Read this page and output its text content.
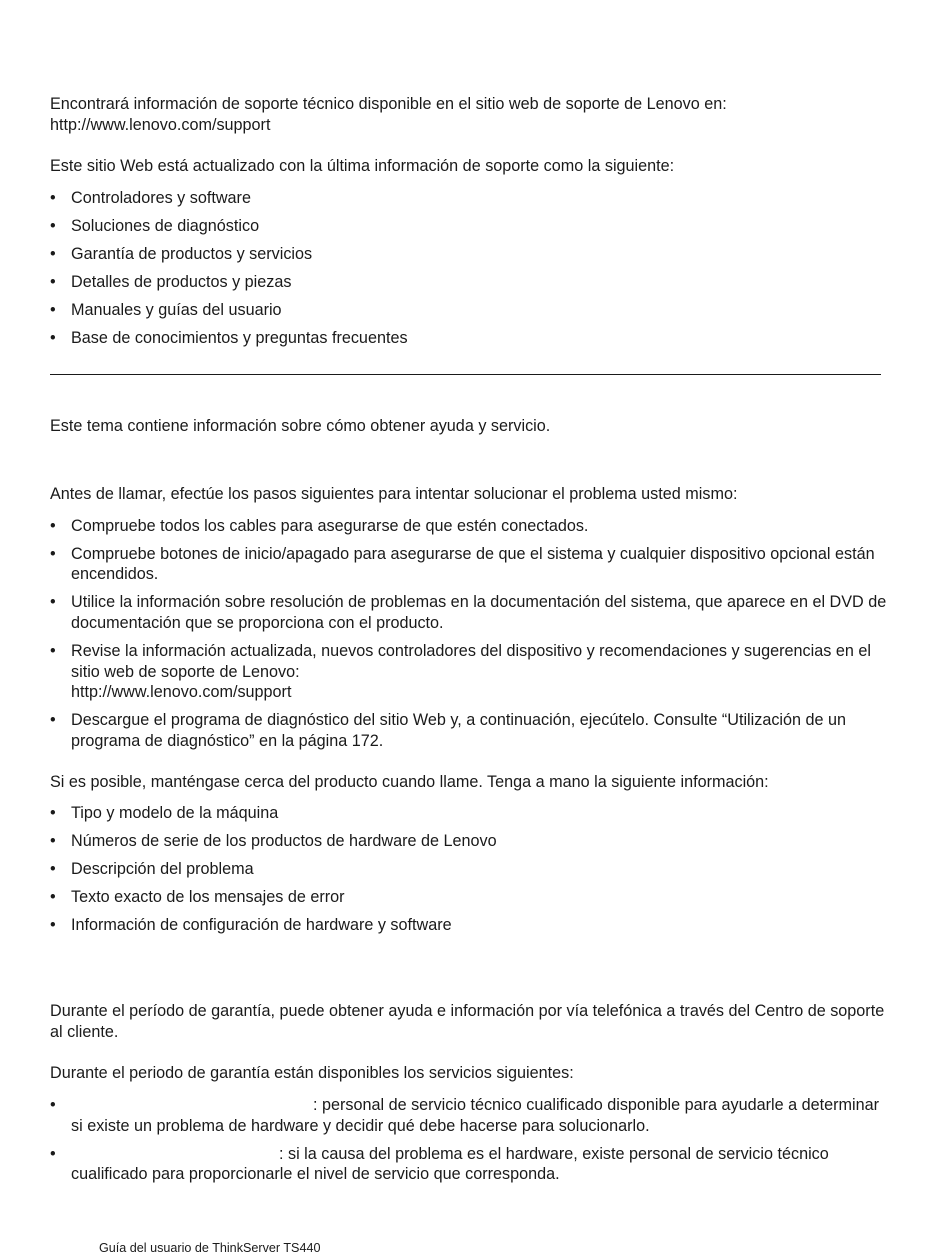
Encontrará información de soporte técnico disponible en el sitio web de soporte de Lenovo en:
http://www.lenovo.com/support

Este sitio Web está actualizado con la última información de soporte como la siguiente:

• Controladores y software
• Soluciones de diagnóstico
• Garantía de productos y servicios
• Detalles de productos y piezas
• Manuales y guías del usuario
• Base de conocimientos y preguntas frecuentes

Este tema contiene información sobre cómo obtener ayuda y servicio.

Antes de llamar, efectúe los pasos siguientes para intentar solucionar el problema usted mismo:

• Compruebe todos los cables para asegurarse de que estén conectados.
• Compruebe botones de inicio/apagado para asegurarse de que el sistema y cualquier dispositivo opcional están encendidos.
• Utilice la información sobre resolución de problemas en la documentación del sistema, que aparece en el DVD de documentación que se proporciona con el producto.
• Revise la información actualizada, nuevos controladores del dispositivo y recomendaciones y sugerencias en el sitio web de soporte de Lenovo:
http://www.lenovo.com/support
• Descargue el programa de diagnóstico del sitio Web y, a continuación, ejecútelo. Consulte “Utilización de un programa de diagnóstico” en la página 172.

Si es posible, manténgase cerca del producto cuando llame. Tenga a mano la siguiente información:

• Tipo y modelo de la máquina
• Números de serie de los productos de hardware de Lenovo
• Descripción del problema
• Texto exacto de los mensajes de error
• Información de configuración de hardware y software

Durante el período de garantía, puede obtener ayuda e información por vía telefónica a través del Centro de soporte al cliente.

Durante el periodo de garantía están disponibles los servicios siguientes:

• : personal de servicio técnico cualificado disponible para ayudarle a determinar si existe un problema de hardware y decidir qué debe hacerse para solucionarlo.
• : si la causa del problema es el hardware, existe personal de servicio técnico cualificado para proporcionarle el nivel de servicio que corresponda.
Guía del usuario de ThinkServer TS440
